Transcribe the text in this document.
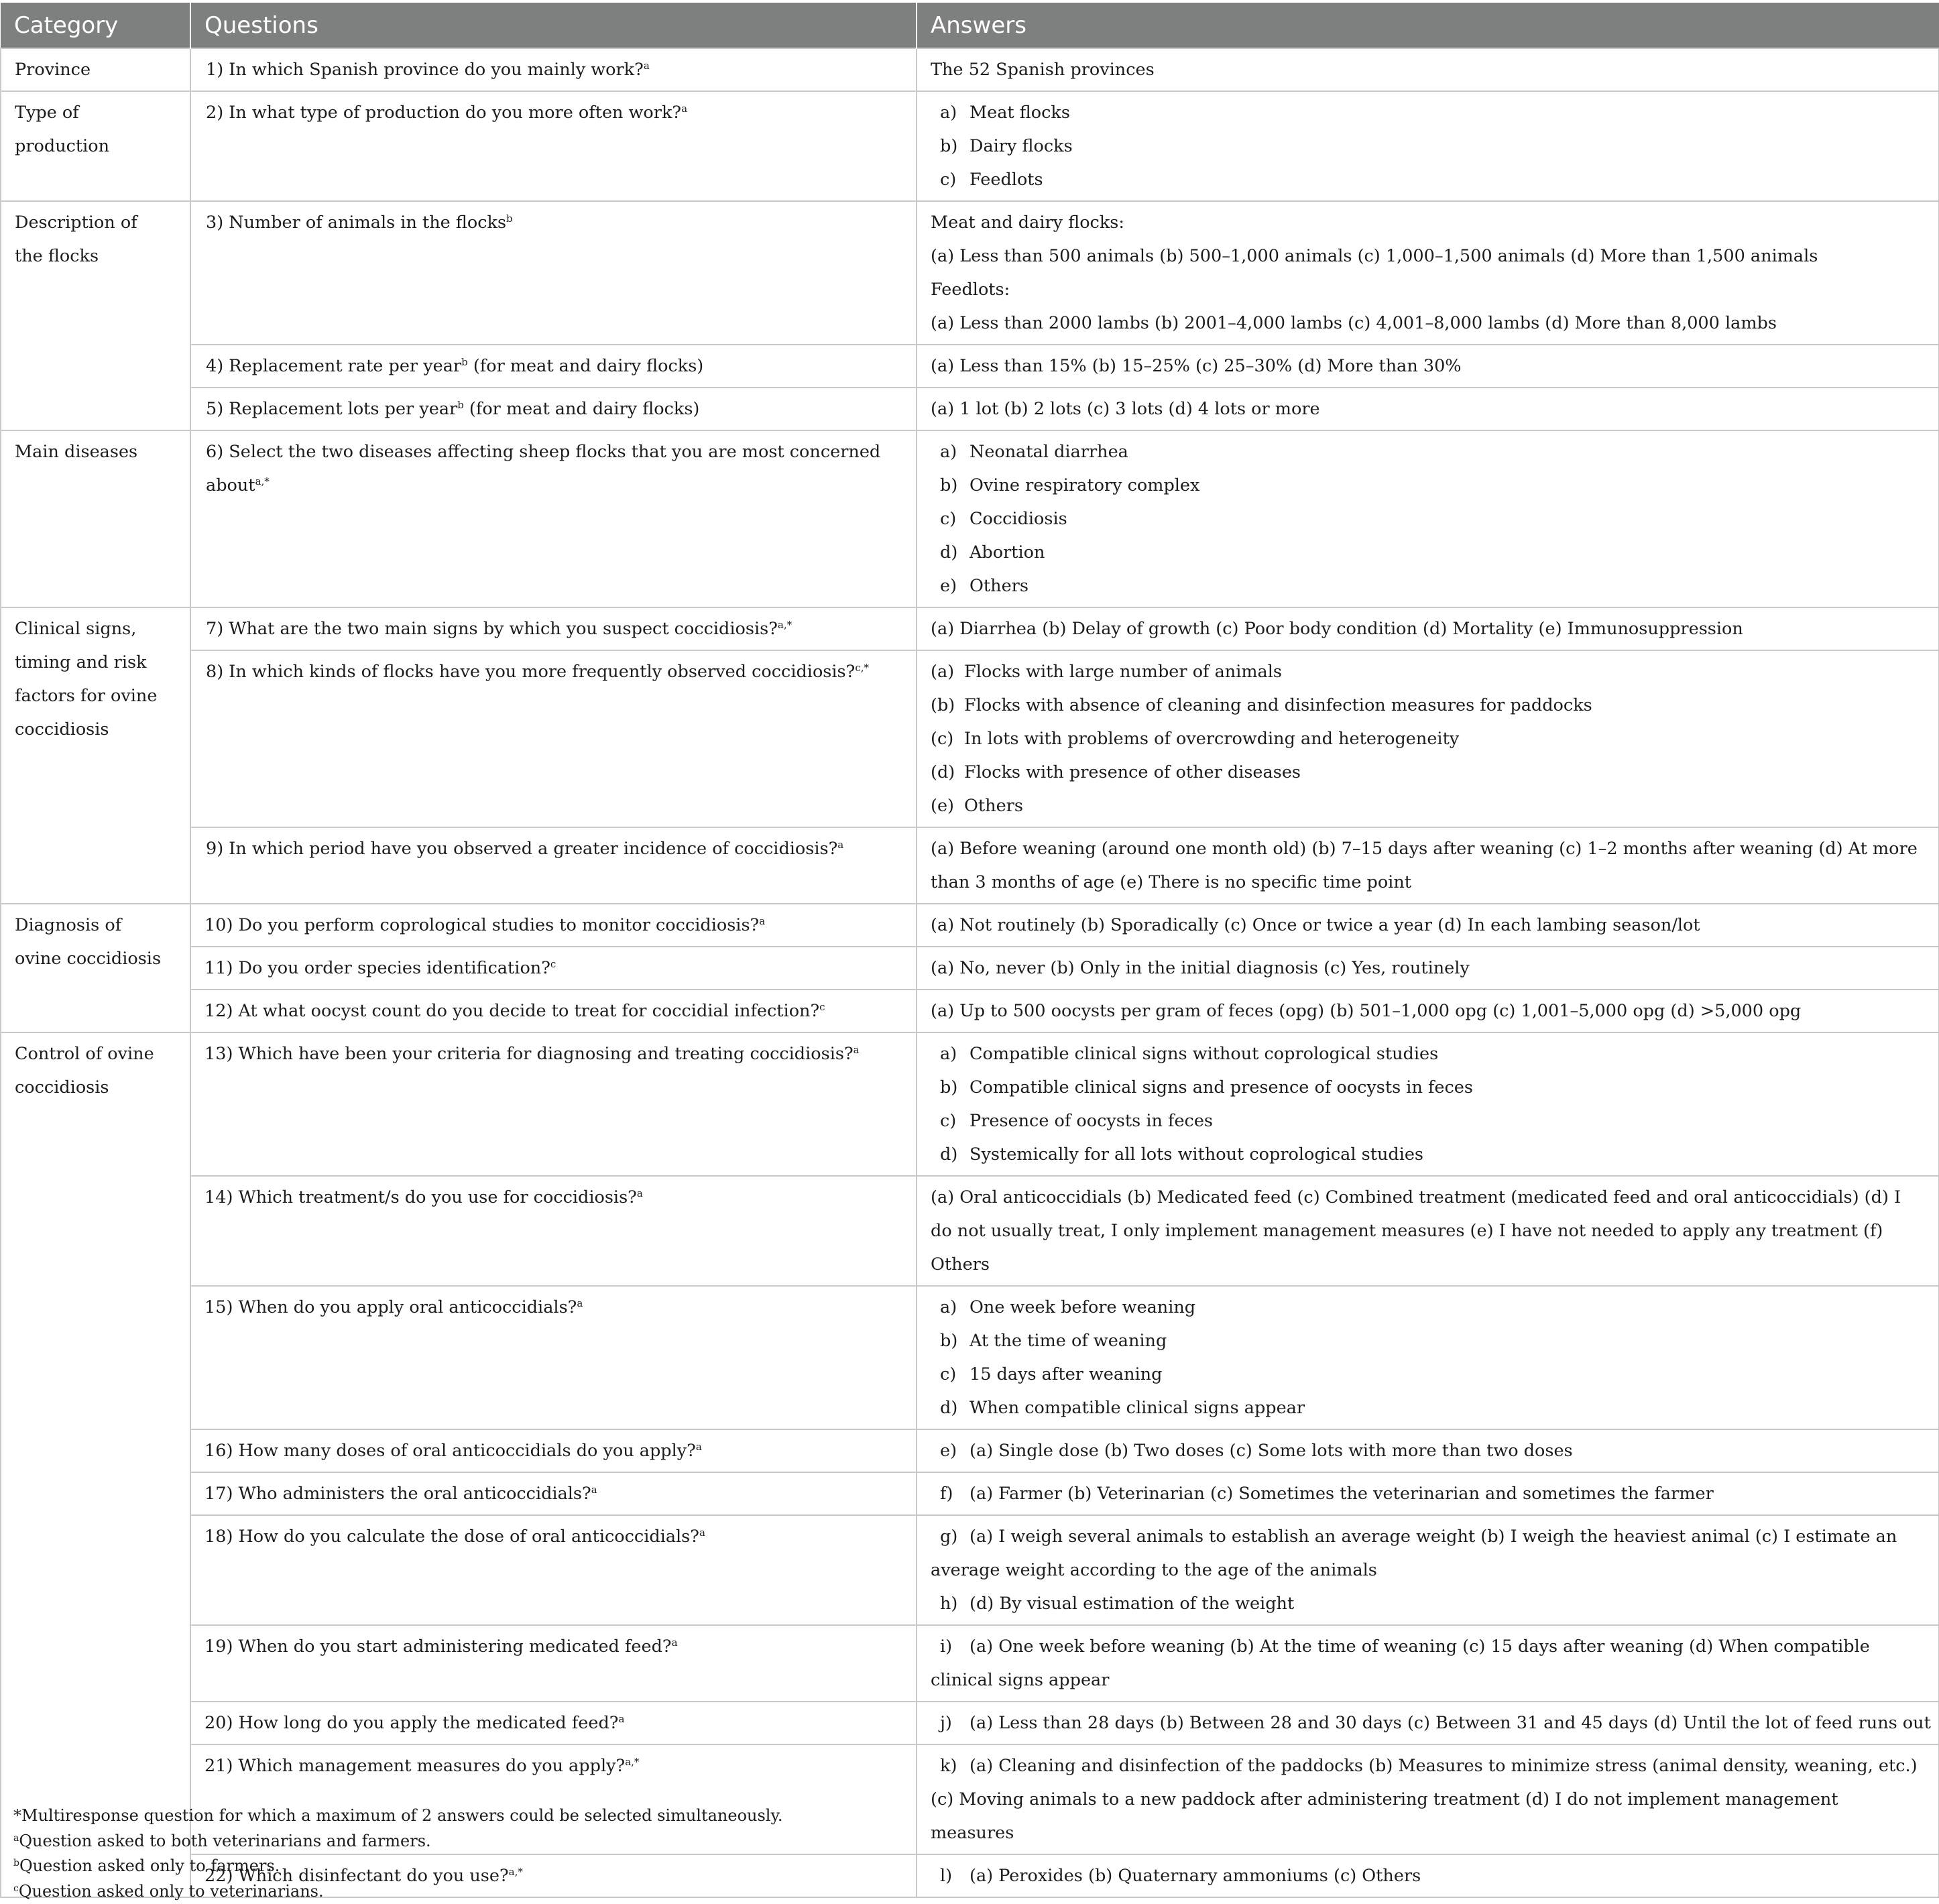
Category	Questions	Answers
Province	1) In which Spanish province do you mainly work?$^a$	The 52 Spanish provinces
Type of production	2) In what type of production do you more often work?$^a$	a) Meat flocks
b) Dairy flocks
c) Feedlots

Description of the flocks	3) Number of animals in the flocks$^b$	Meat and dairy flocks:
(a) Less than 500 animals (b) 500–1,000 animals (c) 1,000–1,500 animals (d) More than 1,500 animals
Feedlots:
(a) Less than 2000 lambs (b) 2001–4,000 lambs (c) 4,001–8,000 lambs (d) More than 8,000 lambs

	4) Replacement rate per year$^b$ (for meat and dairy flocks)	(a) Less than 15% (b) 15–25% (c) 25–30% (d) More than 30%
	5) Replacement lots per year$^b$ (for meat and dairy flocks)	(a) 1 lot (b) 2 lots (c) 3 lots (d) 4 lots or more
Main diseases	6) Select the two diseases affecting sheep flocks that you are most concerned about$^{a,*}$	a) Neonatal diarrhea
b) Ovine respiratory complex
c) Coccidiosis
d) Abortion
e) Others

Clinical signs, timing and risk factors for ovine coccidiosis	7) What are the two main signs by which you suspect coccidiosis?$^{a,*}$	(a) Diarrhea (b) Delay of growth (c) Poor body condition (d) Mortality (e) Immunosuppression
	8) In which kinds of flocks have you more frequently observed coccidiosis?$^{c,*}$	(a) Flocks with large number of animals
(b) Flocks with absence of cleaning and disinfection measures for paddocks
(c) In lots with problems of overcrowding and heterogeneity
(d) Flocks with presence of other diseases
(e) Others

	9) In which period have you observed a greater incidence of coccidiosis?$^a$	(a) Before weaning (around one month old) (b) 7–15 days after weaning (c) 1–2 months after weaning (d) At more than 3 months of age (e) There is no specific time point

Diagnosis of ovine coccidiosis	10) Do you perform coprological studies to monitor coccidiosis?$^a$	(a) Not routinely (b) Sporadically (c) Once or twice a year (d) In each lambing season/lot
	11) Do you order species identification?$^c$	(a) No, never (b) Only in the initial diagnosis (c) Yes, routinely
	12) At what oocyst count do you decide to treat for coccidial infection?$^c$	(a) Up to 500 oocysts per gram of feces (opg) (b) 501–1,000 opg (c) 1,001–5,000 opg (d) >5,000 opg

Control of ovine coccidiosis	13) Which have been your criteria for diagnosing and treating coccidiosis?$^a$	a) Compatible clinical signs without coprological studies
b) Compatible clinical signs and presence of oocysts in feces
c) Presence of oocysts in feces
d) Systemically for all lots without coprological studies

	14) Which treatment/s do you use for coccidiosis?$^a$	(a) Oral anticoccidials (b) Medicated feed (c) Combined treatment (medicated feed and oral anticoccidials) (d) I do not usually treat, I only implement management measures (e) I have not needed to apply any treatment (f) Others

	15) When do you apply oral anticoccidials?$^a$	a) One week before weaning
b) At the time of weaning
c) 15 days after weaning
d) When compatible clinical signs appear

	16) How many doses of oral anticoccidials do you apply?$^a$	e) (a) Single dose (b) Two doses (c) Some lots with more than two doses

	17) Who administers the oral anticoccidials?$^a$	f) (a) Farmer (b) Veterinarian (c) Sometimes the veterinarian and sometimes the farmer

	18) How do you calculate the dose of oral anticoccidials?$^a$	g) (a) I weigh several animals to establish an average weight (b) I weigh the heaviest animal (c) I estimate an average weight according to the age of the animals
h) (d) By visual estimation of the weight

	19) When do you start administering medicated feed?$^a$	i) (a) One week before weaning (b) At the time of weaning (c) 15 days after weaning (d) When compatible clinical signs appear

	20) How long do you apply the medicated feed?$^a$	j) (a) Less than 28 days (b) Between 28 and 30 days (c) Between 31 and 45 days (d) Until the lot of feed runs out

	21) Which management measures do you apply?$^{a,*}$	k) (a) Cleaning and disinfection of the paddocks (b) Measures to minimize stress (animal density, weaning, etc.) (c) Moving animals to a new paddock after administering treatment (d) I do not implement management measures

	22) Which disinfectant do you use?$^{a,*}$	l) (a) Peroxides (b) Quaternary ammoniums (c) Others
*Multiresponse question for which a maximum of 2 answers could be selected simultaneously.
$^a$Question asked to both veterinarians and farmers.
$^b$Question asked only to farmers.
$^c$Question asked only to veterinarians.
